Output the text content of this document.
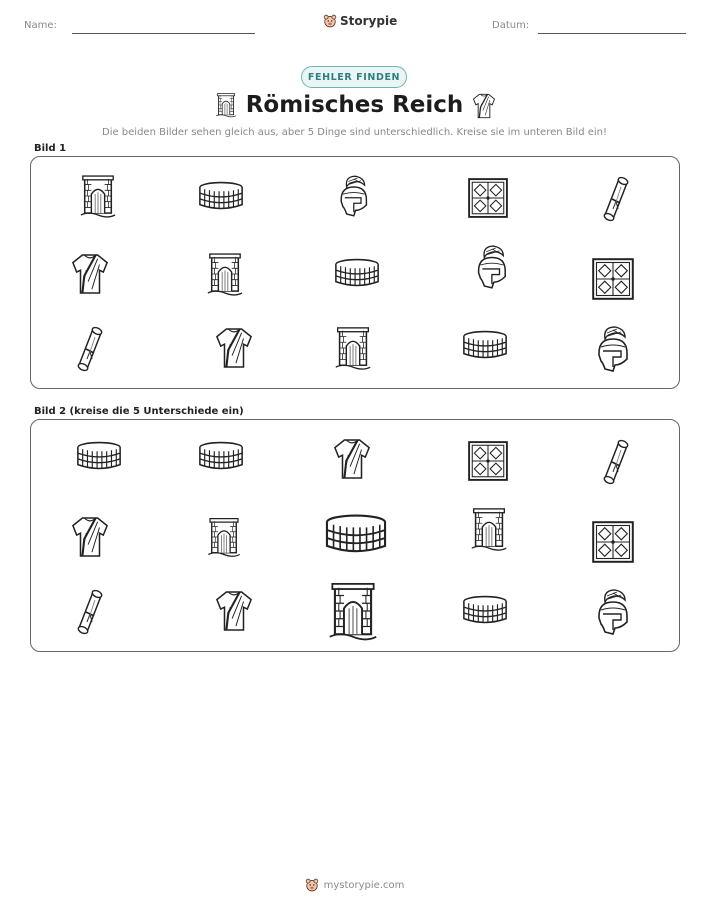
Name:	Storypie	Datum:
FEHLER FINDEN
Römisches Reich
Die beiden Bilder sehen gleich aus, aber 5 Dinge sind unterschiedlich. Kreise sie im unteren Bild ein!
Bild 1
Bild 2 (kreise die 5 Unterschiede ein)
mystorypie.com
